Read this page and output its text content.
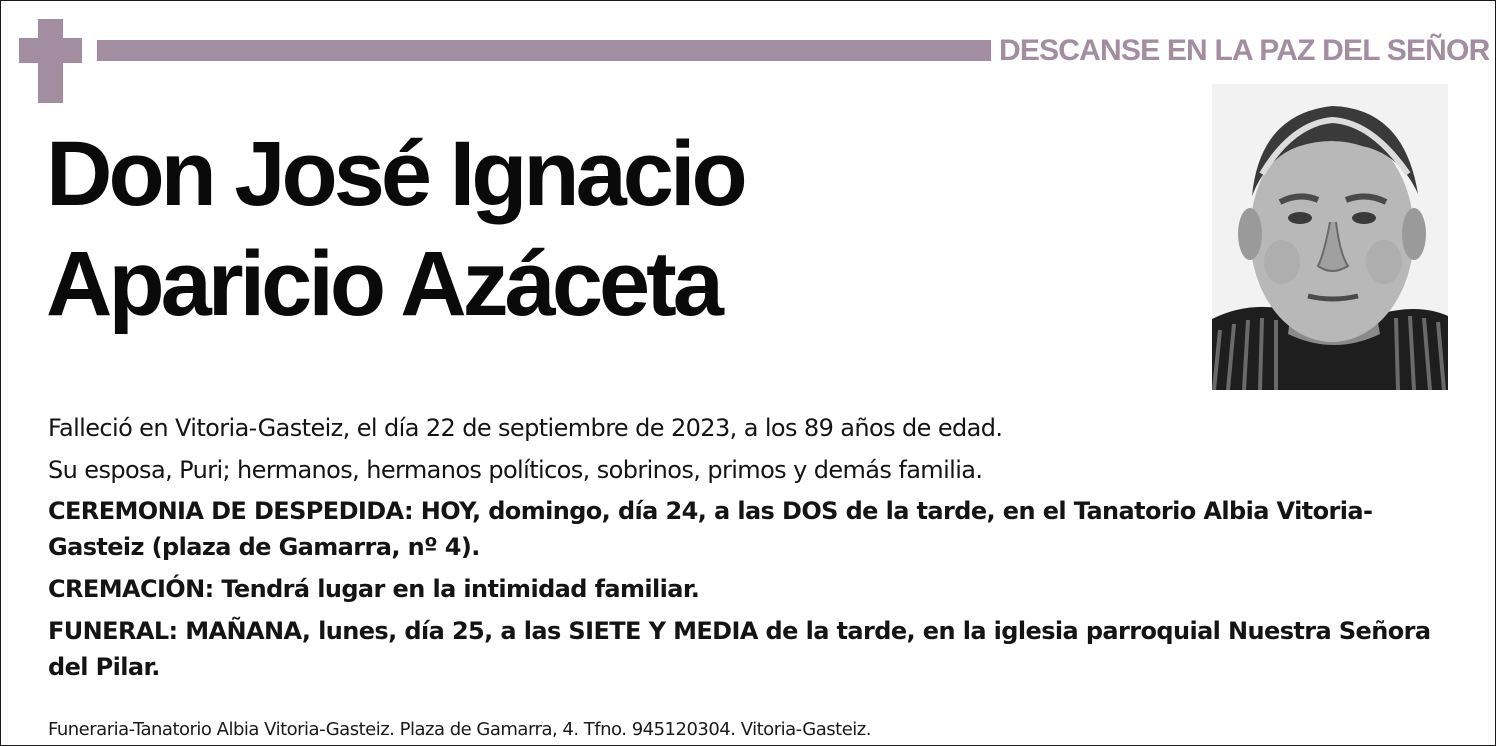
DESCANSE EN LA PAZ DEL SEÑOR
Don José Ignacio
Aparicio Azáceta

Falleció en Vitoria-Gasteiz, el día 22 de septiembre de 2023, a los 89 años de edad.

Su esposa, Puri; hermanos, hermanos políticos, sobrinos, primos y demás familia.

CEREMONIA DE DESPEDIDA: HOY, domingo, día 24, a las DOS de la tarde, en el Tanatorio Albia Vitoria-Gasteiz (plaza de Gamarra, nº 4).

CREMACIÓN: Tendrá lugar en la intimidad familiar.

FUNERAL: MAÑANA, lunes, día 25, a las SIETE Y MEDIA de la tarde, en la iglesia parroquial Nuestra Señora del Pilar.

Funeraria-Tanatorio Albia Vitoria-Gasteiz. Plaza de Gamarra, 4. Tfno. 945120304. Vitoria-Gasteiz.
